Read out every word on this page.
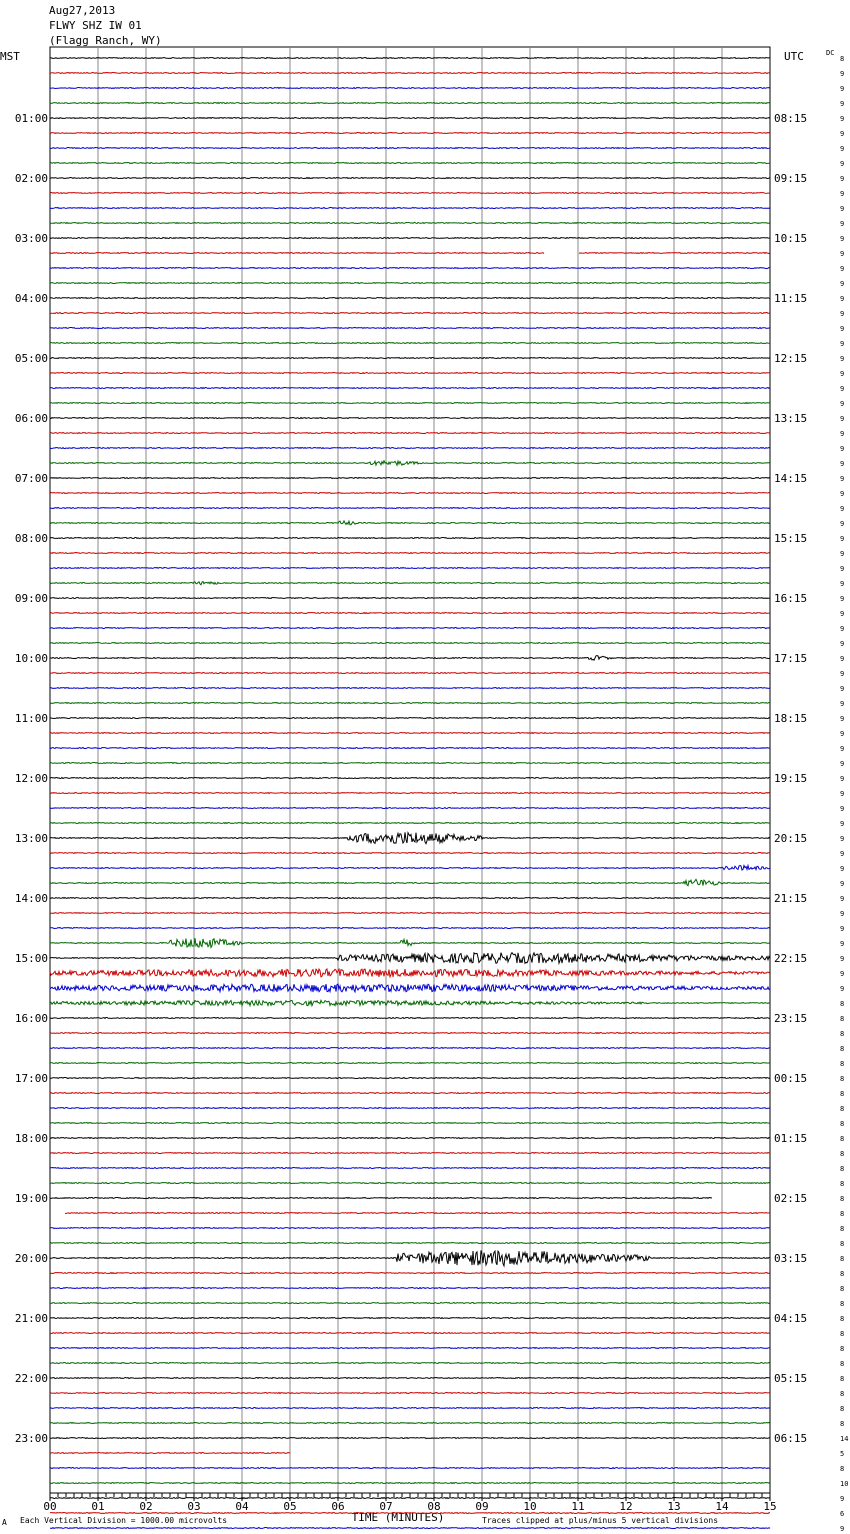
Aug27,2013
FLWY SHZ IW 01
(Flagg Ranch, WY)
MST	UTC	DC
00	01	02	03	04	05	06	07	08	09	10	11	12	13	14	15
TIME (MINUTES)
01:00
02:00
03:00
04:00
05:00
06:00
07:00
08:00
09:00
10:00
11:00
12:00
13:00
14:00
15:00
16:00
17:00
18:00
19:00
20:00
21:00
22:00
23:00
08:15
09:15
10:15
11:15
12:15
13:15
14:15
15:15
16:15
17:15
18:15
19:15
20:15
21:15
22:15
23:15
00:15
01:15
02:15
03:15
04:15
05:15
06:15
8
9
9
9
9
9
9
9
9
9
9
9
9
9
9
9
9
9
9
9
9
9
9
9
9
9
9
9
9
9
9
9
9
9
9
9
9
9
9
9
9
9
9
9
9
9
9
9
9
9
9
9
9
9
9
9
9
9
9
9
9
9
9
8
8
8
8
8
8
8
8
8
8
8
8
8
8
8
8
8
8
8
8
8
8
8
8
8
8
8
8
8
14
5
8
10
9
6
9
A Each Vertical Division = 1000.00 microvolts	Traces clipped at plus/minus 5 vertical divisions
